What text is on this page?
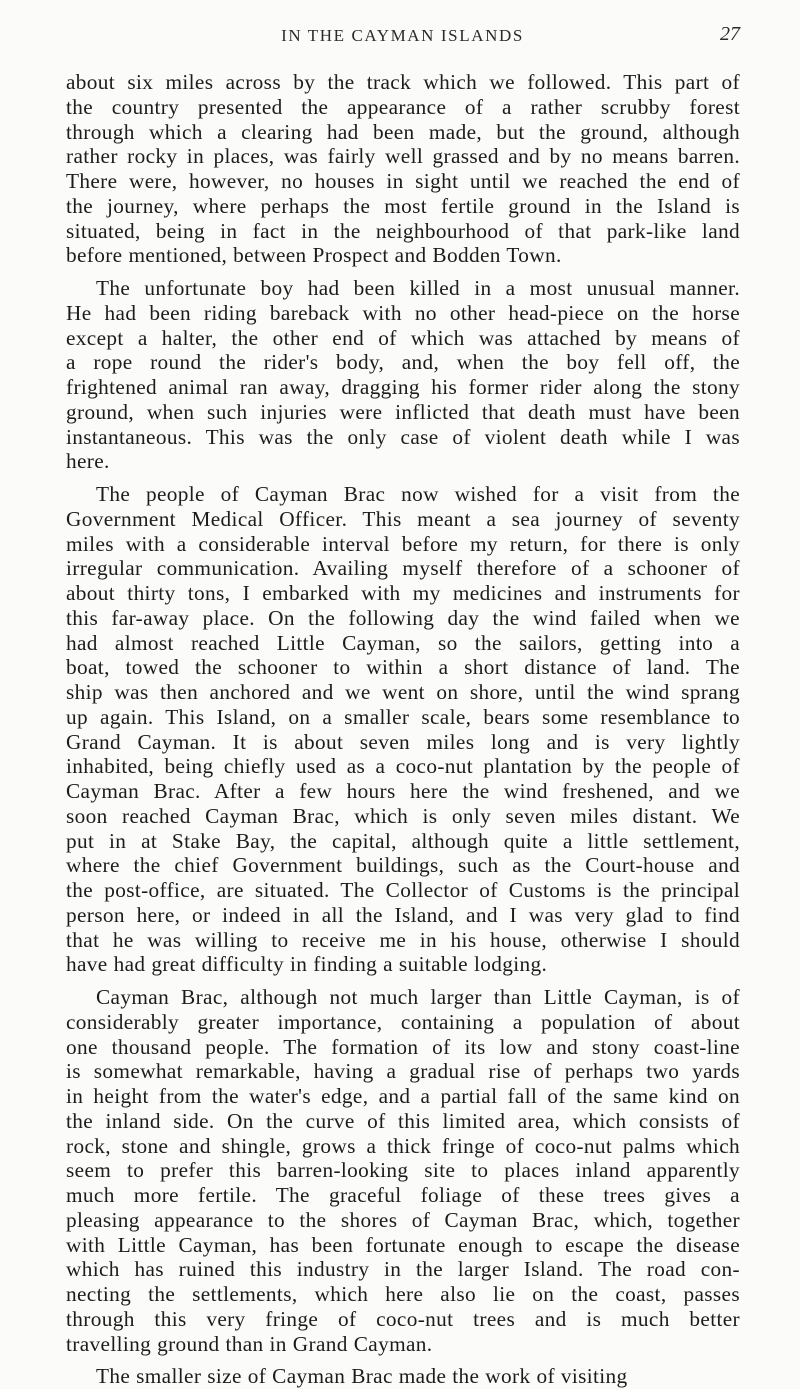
IN THE CAYMAN ISLANDS	27
about six miles across by the track which we followed. This part of
the country presented the appearance of a rather scrubby forest
through which a clearing had been made, but the ground, although
rather rocky in places, was fairly well grassed and by no means barren.
There were, however, no houses in sight until we reached the end of
the journey, where perhaps the most fertile ground in the Island is
situated, being in fact in the neighbourhood of that park-like land
before mentioned, between Prospect and Bodden Town.
The unfortunate boy had been killed in a most unusual manner.
He had been riding bareback with no other head-piece on the horse
except a halter, the other end of which was attached by means of
a rope round the rider's body, and, when the boy fell off, the
frightened animal ran away, dragging his former rider along the stony
ground, when such injuries were inflicted that death must have been
instantaneous. This was the only case of violent death while I was
here.
The people of Cayman Brac now wished for a visit from the
Government Medical Officer. This meant a sea journey of seventy
miles with a considerable interval before my return, for there is only
irregular communication. Availing myself therefore of a schooner of
about thirty tons, I embarked with my medicines and instruments for
this far-away place. On the following day the wind failed when we
had almost reached Little Cayman, so the sailors, getting into a
boat, towed the schooner to within a short distance of land. The
ship was then anchored and we went on shore, until the wind sprang
up again. This Island, on a smaller scale, bears some resemblance to
Grand Cayman. It is about seven miles long and is very lightly
inhabited, being chiefly used as a coco-nut plantation by the people of
Cayman Brac. After a few hours here the wind freshened, and we
soon reached Cayman Brac, which is only seven miles distant. We
put in at Stake Bay, the capital, although quite a little settlement,
where the chief Government buildings, such as the Court-house and
the post-office, are situated. The Collector of Customs is the principal
person here, or indeed in all the Island, and I was very glad to find
that he was willing to receive me in his house, otherwise I should
have had great difficulty in finding a suitable lodging.
Cayman Brac, although not much larger than Little Cayman, is of
considerably greater importance, containing a population of about
one thousand people. The formation of its low and stony coast-line
is somewhat remarkable, having a gradual rise of perhaps two yards
in height from the water's edge, and a partial fall of the same kind on
the inland side. On the curve of this limited area, which consists of
rock, stone and shingle, grows a thick fringe of coco-nut palms which
seem to prefer this barren-looking site to places inland apparently
much more fertile. The graceful foliage of these trees gives a
pleasing appearance to the shores of Cayman Brac, which, together
with Little Cayman, has been fortunate enough to escape the disease
which has ruined this industry in the larger Island. The road con-
necting the settlements, which here also lie on the coast, passes
through this very fringe of coco-nut trees and is much better
travelling ground than in Grand Cayman.
The smaller size of Cayman Brac made the work of visiting
